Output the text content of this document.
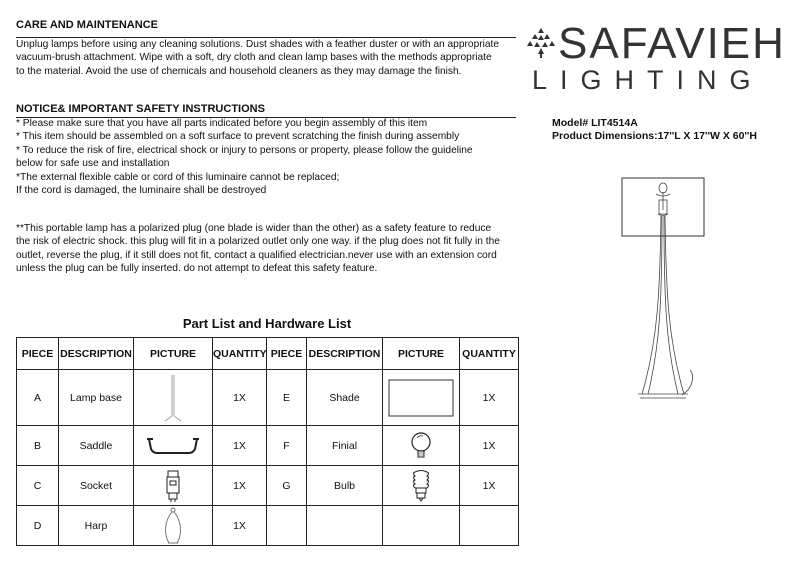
CARE AND MAINTENANCE
Unplug lamps before using any cleaning solutions. Dust shades with a feather duster or with an appropriate
vacuum-brush attachment. Wipe with a soft, dry cloth and clean lamp bases with the methods appropriate
to the material. Avoid the use of chemicals and household cleaners as they may damage the finish.
NOTICE& IMPORTANT SAFETY INSTRUCTIONS
* Please make sure that you have all parts indicated before you begin assembly of this item
* This item should be assembled on a soft surface to prevent scratching the finish during assembly
* To reduce the risk of fire, electrical shock or injury to persons or property, please follow the guideline
below for safe use and installation
*The external flexible cable or cord of this luminaire cannot be replaced;
If the cord is damaged, the luminaire shall be destroyed
**This portable lamp has a polarized plug (one blade is wider than the other) as a safety feature to reduce
the risk of electric shock. this plug will fit in a polarized outlet only one way. if the plug does not fit fully in the
outlet, reverse the plug, if it still does not fit, contact a qualified electrician.never use with an extension cord
unless the plug can be fully inserted. do not attempt to defeat this safety feature.
SAFAVIEH
LIGHTING
Model# LIT4514A
Product Dimensions:17''L X 17''W X 60''H
Part List and Hardware List
PIECE	DESCRIPTION	PICTURE	QUANTITY	PIECE	DESCRIPTION	PICTURE	QUANTITY
A	Lamp base		1X	E	Shade		1X
B	Saddle		1X	F	Finial		1X
C	Socket		1X	G	Bulb		1X
D	Harp		1X				
